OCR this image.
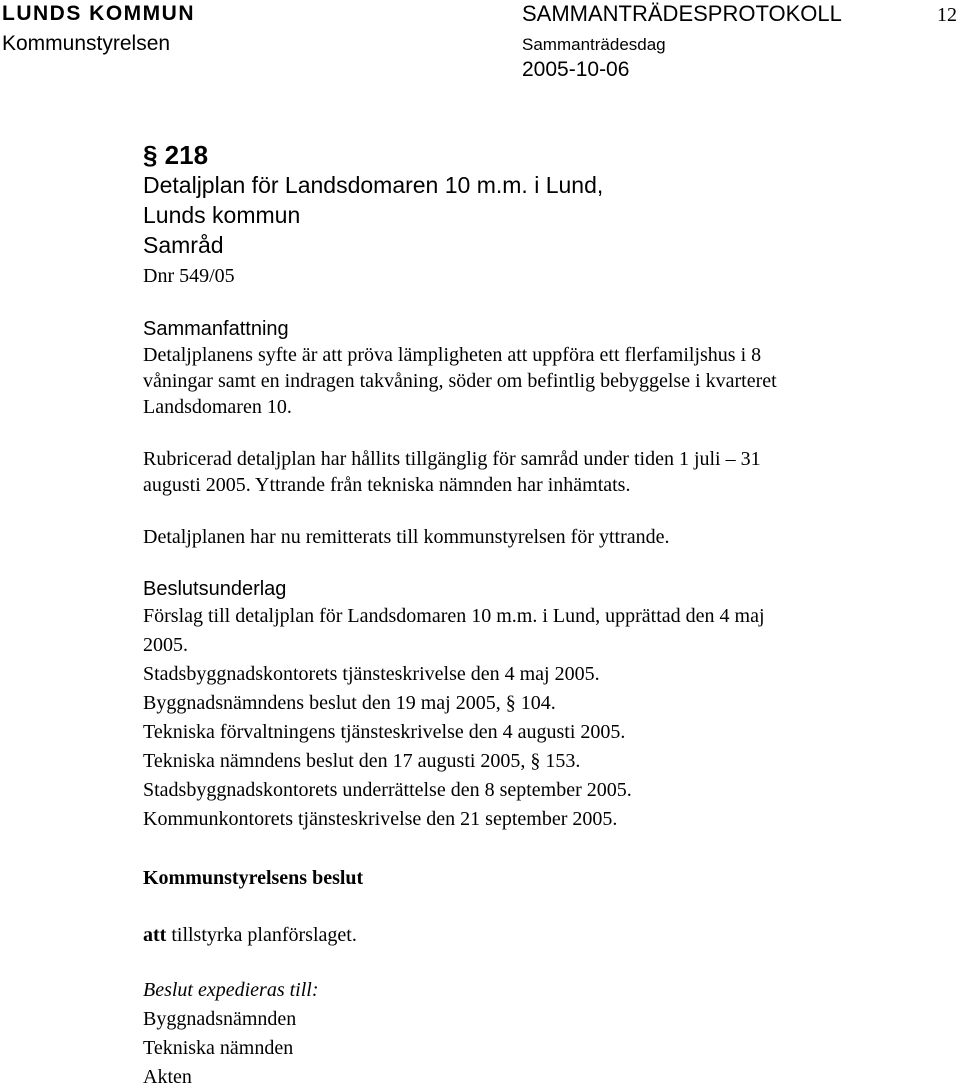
LUNDS KOMMUN
Kommunstyrelsen
SAMMANTRÄDESPROTOKOLL
Sammanträdesdag
2005-10-06
12
§ 218
Detaljplan för Landsdomaren 10 m.m. i Lund,
Lunds kommun
Samråd
Dnr 549/05
Sammanfattning
Detaljplanens syfte är att pröva lämpligheten att uppföra ett flerfamiljshus i 8
våningar samt en indragen takvåning, söder om befintlig bebyggelse i kvarteret
Landsdomaren 10.
Rubricerad detaljplan har hållits tillgänglig för samråd under tiden 1 juli – 31
augusti 2005. Yttrande från tekniska nämnden har inhämtats.
Detaljplanen har nu remitterats till kommunstyrelsen för yttrande.
Beslutsunderlag
Förslag till detaljplan för Landsdomaren 10 m.m. i Lund, upprättad den 4 maj
2005.
Stadsbyggnadskontorets tjänsteskrivelse den 4 maj 2005.
Byggnadsnämndens beslut den 19 maj 2005, § 104.
Tekniska förvaltningens tjänsteskrivelse den 4 augusti 2005.
Tekniska nämndens beslut den 17 augusti 2005, § 153.
Stadsbyggnadskontorets underrättelse den 8 september 2005.
Kommunkontorets tjänsteskrivelse den 21 september 2005.
Kommunstyrelsens beslut
att tillstyrka planförslaget.
Beslut expedieras till:
Byggnadsnämnden
Tekniska nämnden
Akten
